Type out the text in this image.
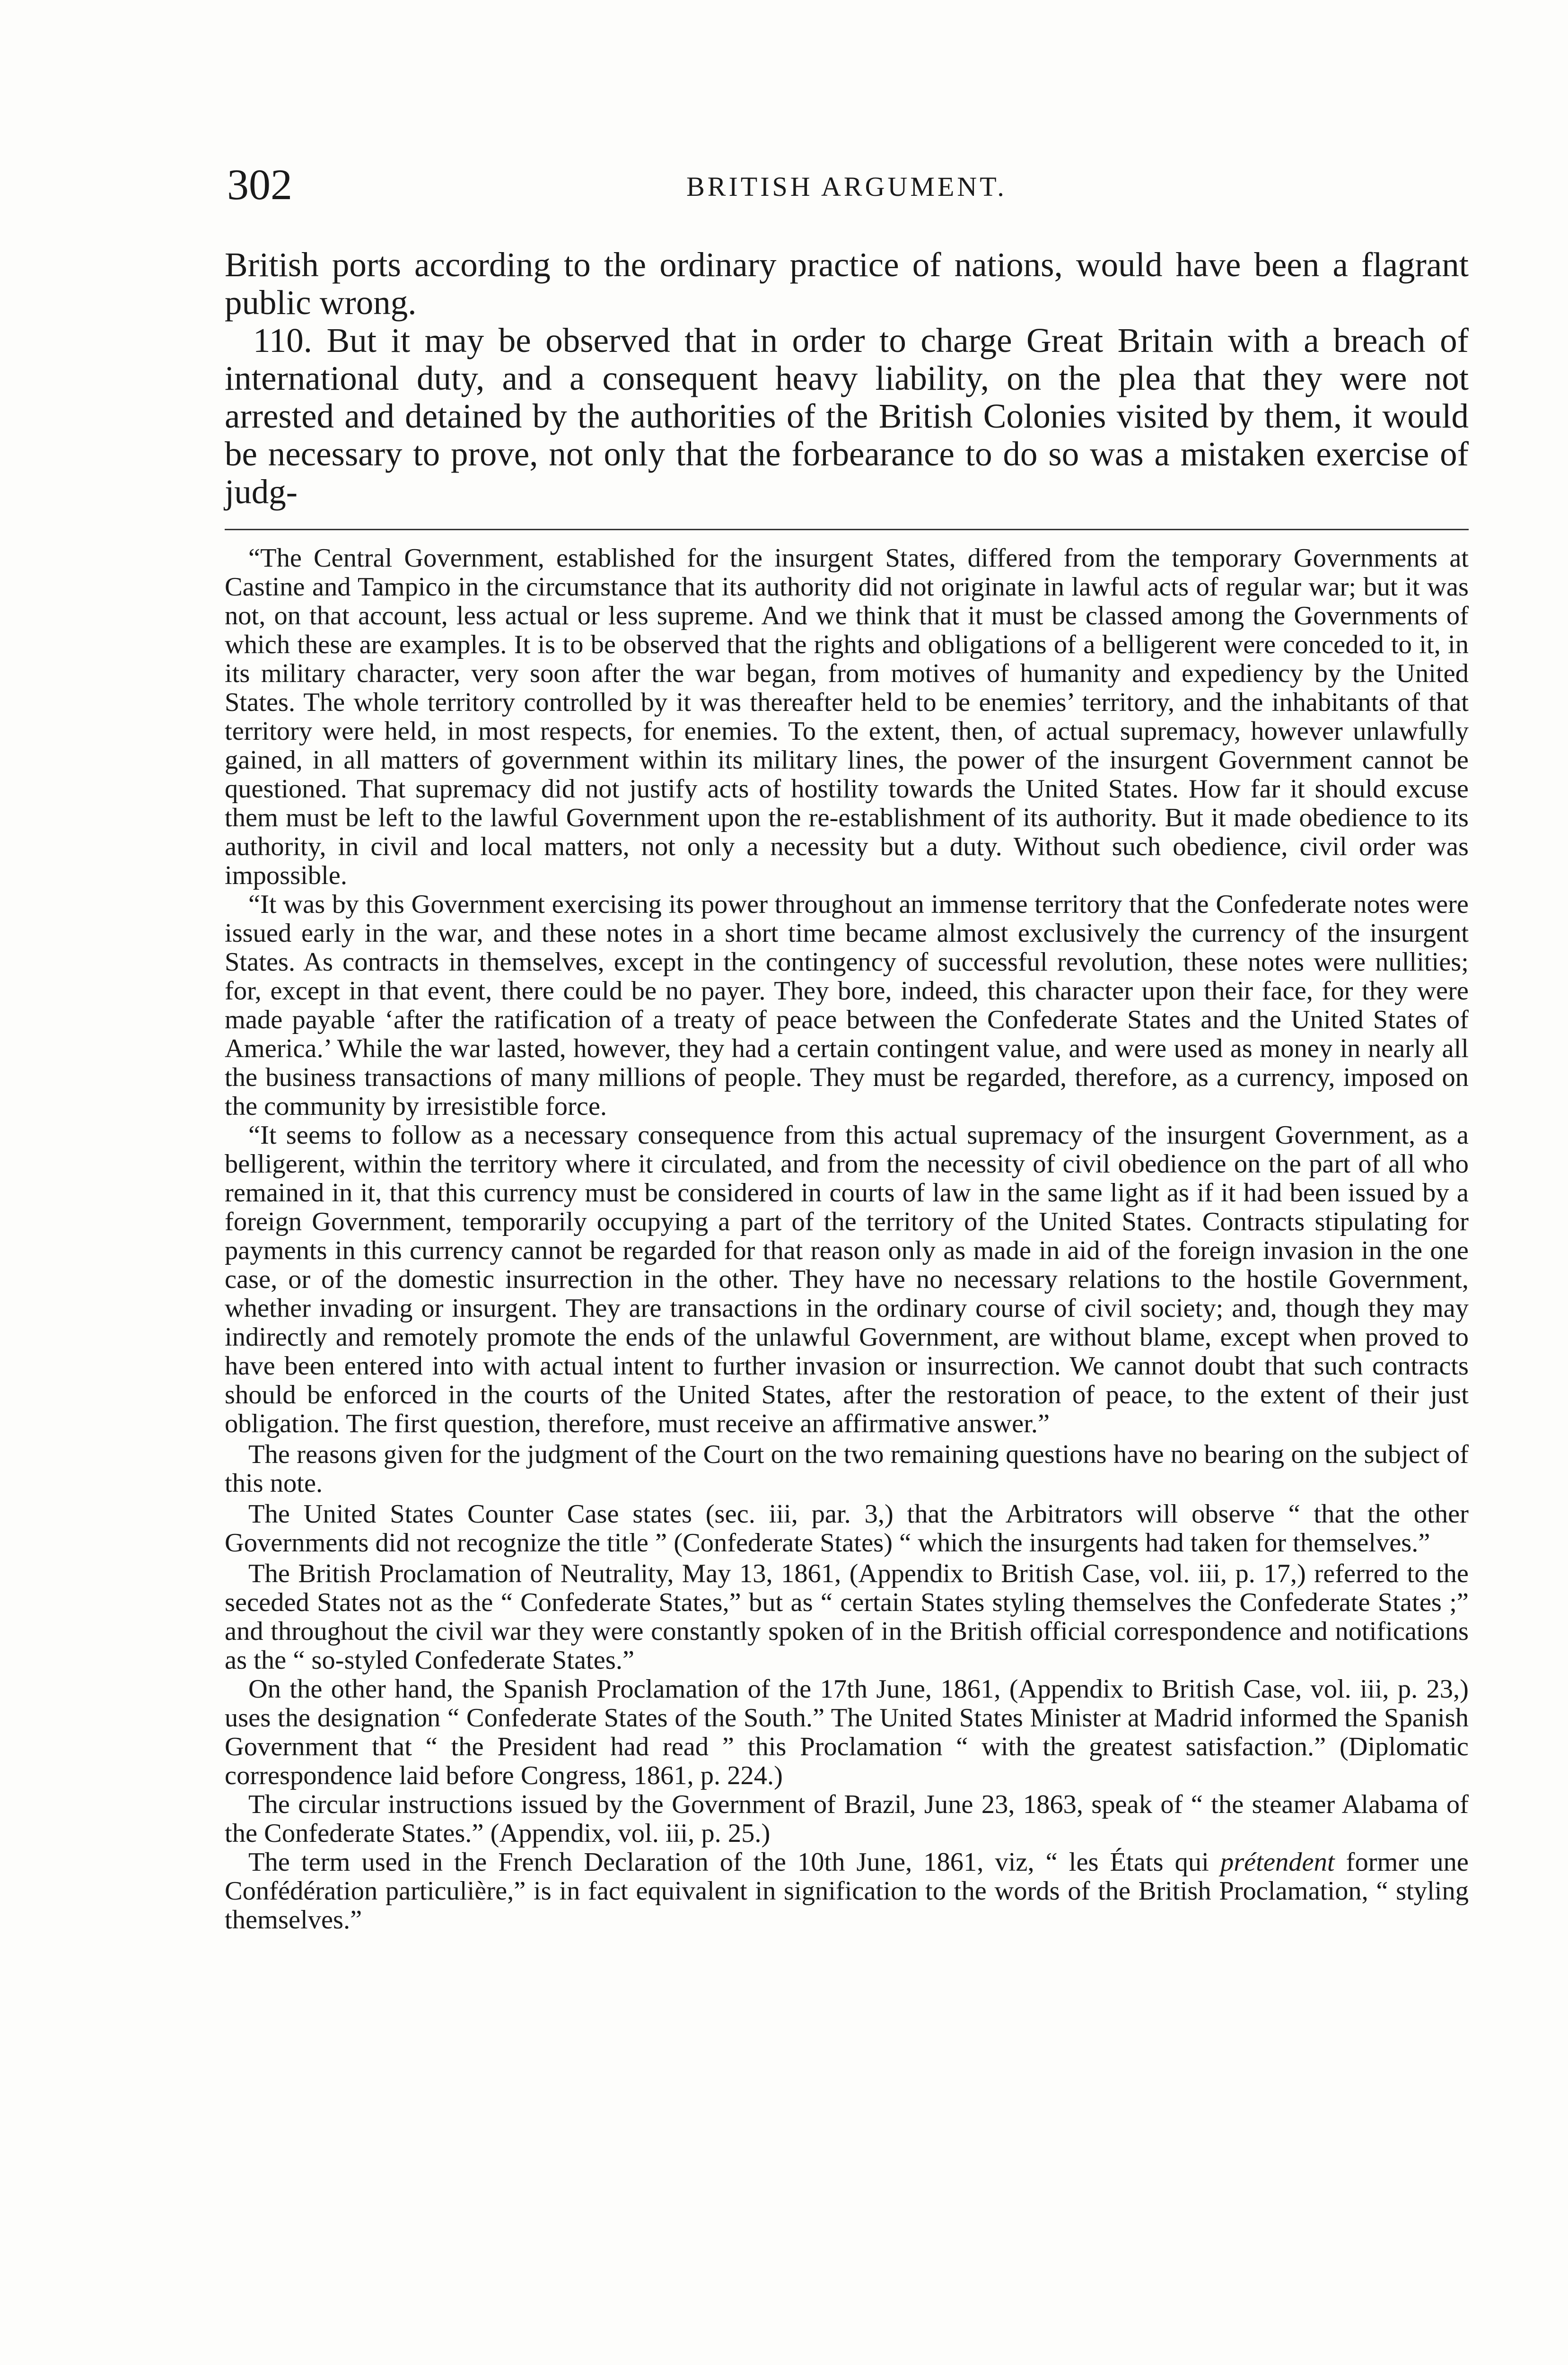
302	BRITISH ARGUMENT.

British ports according to the ordinary practice of nations, would have been a flagrant public wrong.

110. But it may be observed that in order to charge Great Britain with a breach of international duty, and a consequent heavy liability, on the plea that they were not arrested and detained by the authorities of the British Colonies visited by them, it would be necessary to prove, not only that the forbearance to do so was a mistaken exercise of judg-

“The Central Government, established for the insurgent States, differed from the temporary Governments at Castine and Tampico in the circumstance that its authority did not originate in lawful acts of regular war; but it was not, on that account, less actual or less supreme. And we think that it must be classed among the Governments of which these are examples. It is to be observed that the rights and obligations of a belligerent were conceded to it, in its military character, very soon after the war began, from motives of humanity and expediency by the United States. The whole territory controlled by it was thereafter held to be enemies’ territory, and the inhabitants of that territory were held, in most respects, for enemies. To the extent, then, of actual supremacy, however unlawfully gained, in all matters of government within its military lines, the power of the insurgent Government cannot be questioned. That supremacy did not justify acts of hostility towards the United States. How far it should excuse them must be left to the lawful Government upon the re-establishment of its authority. But it made obedience to its authority, in civil and local matters, not only a necessity but a duty. Without such obedience, civil order was impossible.

“It was by this Government exercising its power throughout an immense territory that the Confederate notes were issued early in the war, and these notes in a short time became almost exclusively the currency of the insurgent States. As contracts in themselves, except in the contingency of successful revolution, these notes were nullities; for, except in that event, there could be no payer. They bore, indeed, this character upon their face, for they were made payable ‘after the ratification of a treaty of peace between the Confederate States and the United States of America.’ While the war lasted, however, they had a certain contingent value, and were used as money in nearly all the business transactions of many millions of people. They must be regarded, therefore, as a currency, imposed on the community by irresistible force.

“It seems to follow as a necessary consequence from this actual supremacy of the insurgent Government, as a belligerent, within the territory where it circulated, and from the necessity of civil obedience on the part of all who remained in it, that this currency must be considered in courts of law in the same light as if it had been issued by a foreign Government, temporarily occupying a part of the territory of the United States. Contracts stipulating for payments in this currency cannot be regarded for that reason only as made in aid of the foreign invasion in the one case, or of the domestic insurrection in the other. They have no necessary relations to the hostile Government, whether invading or insurgent. They are transactions in the ordinary course of civil society; and, though they may indirectly and remotely promote the ends of the unlawful Government, are without blame, except when proved to have been entered into with actual intent to further invasion or insurrection. We cannot doubt that such contracts should be enforced in the courts of the United States, after the restoration of peace, to the extent of their just obligation. The first question, therefore, must receive an affirmative answer.”

The reasons given for the judgment of the Court on the two remaining questions have no bearing on the subject of this note.

The United States Counter Case states (sec. iii, par. 3,) that the Arbitrators will observe “ that the other Governments did not recognize the title ” (Confederate States) “ which the insurgents had taken for themselves.”

The British Proclamation of Neutrality, May 13, 1861, (Appendix to British Case, vol. iii, p. 17,) referred to the seceded States not as the “ Confederate States,” but as “ certain States styling themselves the Confederate States ;” and throughout the civil war they were constantly spoken of in the British official correspondence and notifications as the “ so-styled Confederate States.”

On the other hand, the Spanish Proclamation of the 17th June, 1861, (Appendix to British Case, vol. iii, p. 23,) uses the designation “ Confederate States of the South.” The United States Minister at Madrid informed the Spanish Government that “ the President had read ” this Proclamation “ with the greatest satisfaction.” (Diplomatic correspondence laid before Congress, 1861, p. 224.)

The circular instructions issued by the Government of Brazil, June 23, 1863, speak of “ the steamer Alabama of the Confederate States.” (Appendix, vol. iii, p. 25.)

The term used in the French Declaration of the 10th June, 1861, viz, “ les États qui prétendent former une Confédération particulière,” is in fact equivalent in signification to the words of the British Proclamation, “ styling themselves.”
